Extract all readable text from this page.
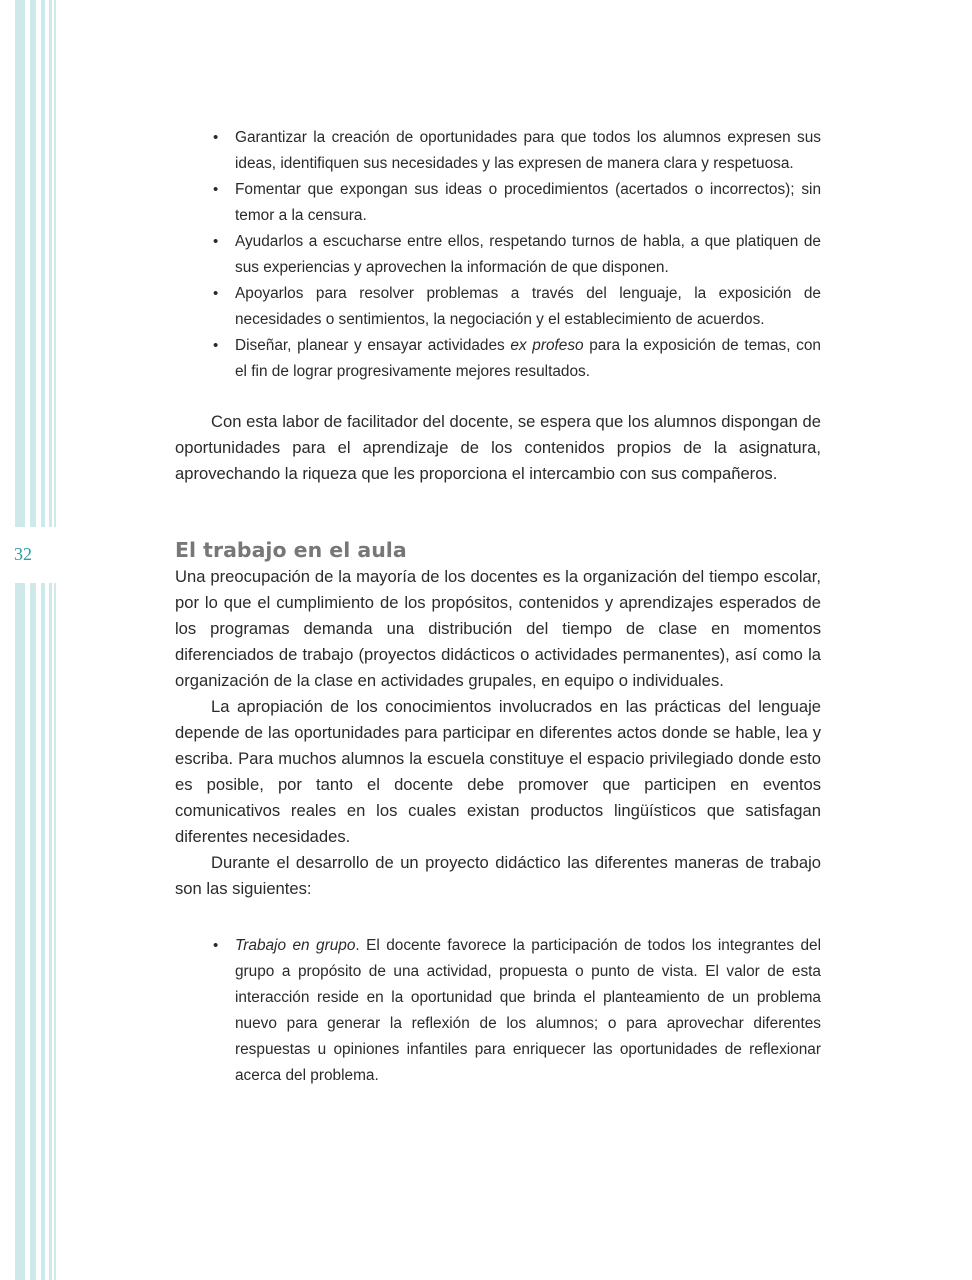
32
• Garantizar la creación de oportunidades para que todos los alumnos expresen sus ideas, identifiquen sus necesidades y las expresen de manera clara y respetuosa.
• Fomentar que expongan sus ideas o procedimientos (acertados o incorrectos); sin temor a la censura.
• Ayudarlos a escucharse entre ellos, respetando turnos de habla, a que platiquen de sus experiencias y aprovechen la información de que disponen.
• Apoyarlos para resolver problemas a través del lenguaje, la exposición de necesidades o sentimientos, la negociación y el establecimiento de acuerdos.
• Diseñar, planear y ensayar actividades ex profeso para la exposición de temas, con el fin de lograr progresivamente mejores resultados.

Con esta labor de facilitador del docente, se espera que los alumnos dispongan de oportunidades para el aprendizaje de los contenidos propios de la asignatura, aprovechando la riqueza que les proporciona el intercambio con sus compañeros.

El trabajo en el aula

Una preocupación de la mayoría de los docentes es la organización del tiempo escolar, por lo que el cumplimiento de los propósitos, contenidos y aprendizajes esperados de los programas demanda una distribución del tiempo de clase en momentos diferenciados de trabajo (proyectos didácticos o actividades permanentes), así como la organización de la clase en actividades grupales, en equipo o individuales.

La apropiación de los conocimientos involucrados en las prácticas del lenguaje depende de las oportunidades para participar en diferentes actos donde se hable, lea y escriba. Para muchos alumnos la escuela constituye el espacio privilegiado donde esto es posible, por tanto el docente debe promover que participen en eventos comunicativos reales en los cuales existan productos lingüísticos que satisfagan diferentes necesidades.

Durante el desarrollo de un proyecto didáctico las diferentes maneras de trabajo son las siguientes:

• Trabajo en grupo. El docente favorece la participación de todos los integrantes del grupo a propósito de una actividad, propuesta o punto de vista. El valor de esta interacción reside en la oportunidad que brinda el planteamiento de un problema nuevo para generar la reflexión de los alumnos; o para aprovechar diferentes respuestas u opiniones infantiles para enriquecer las oportunidades de reflexionar acerca del problema.
